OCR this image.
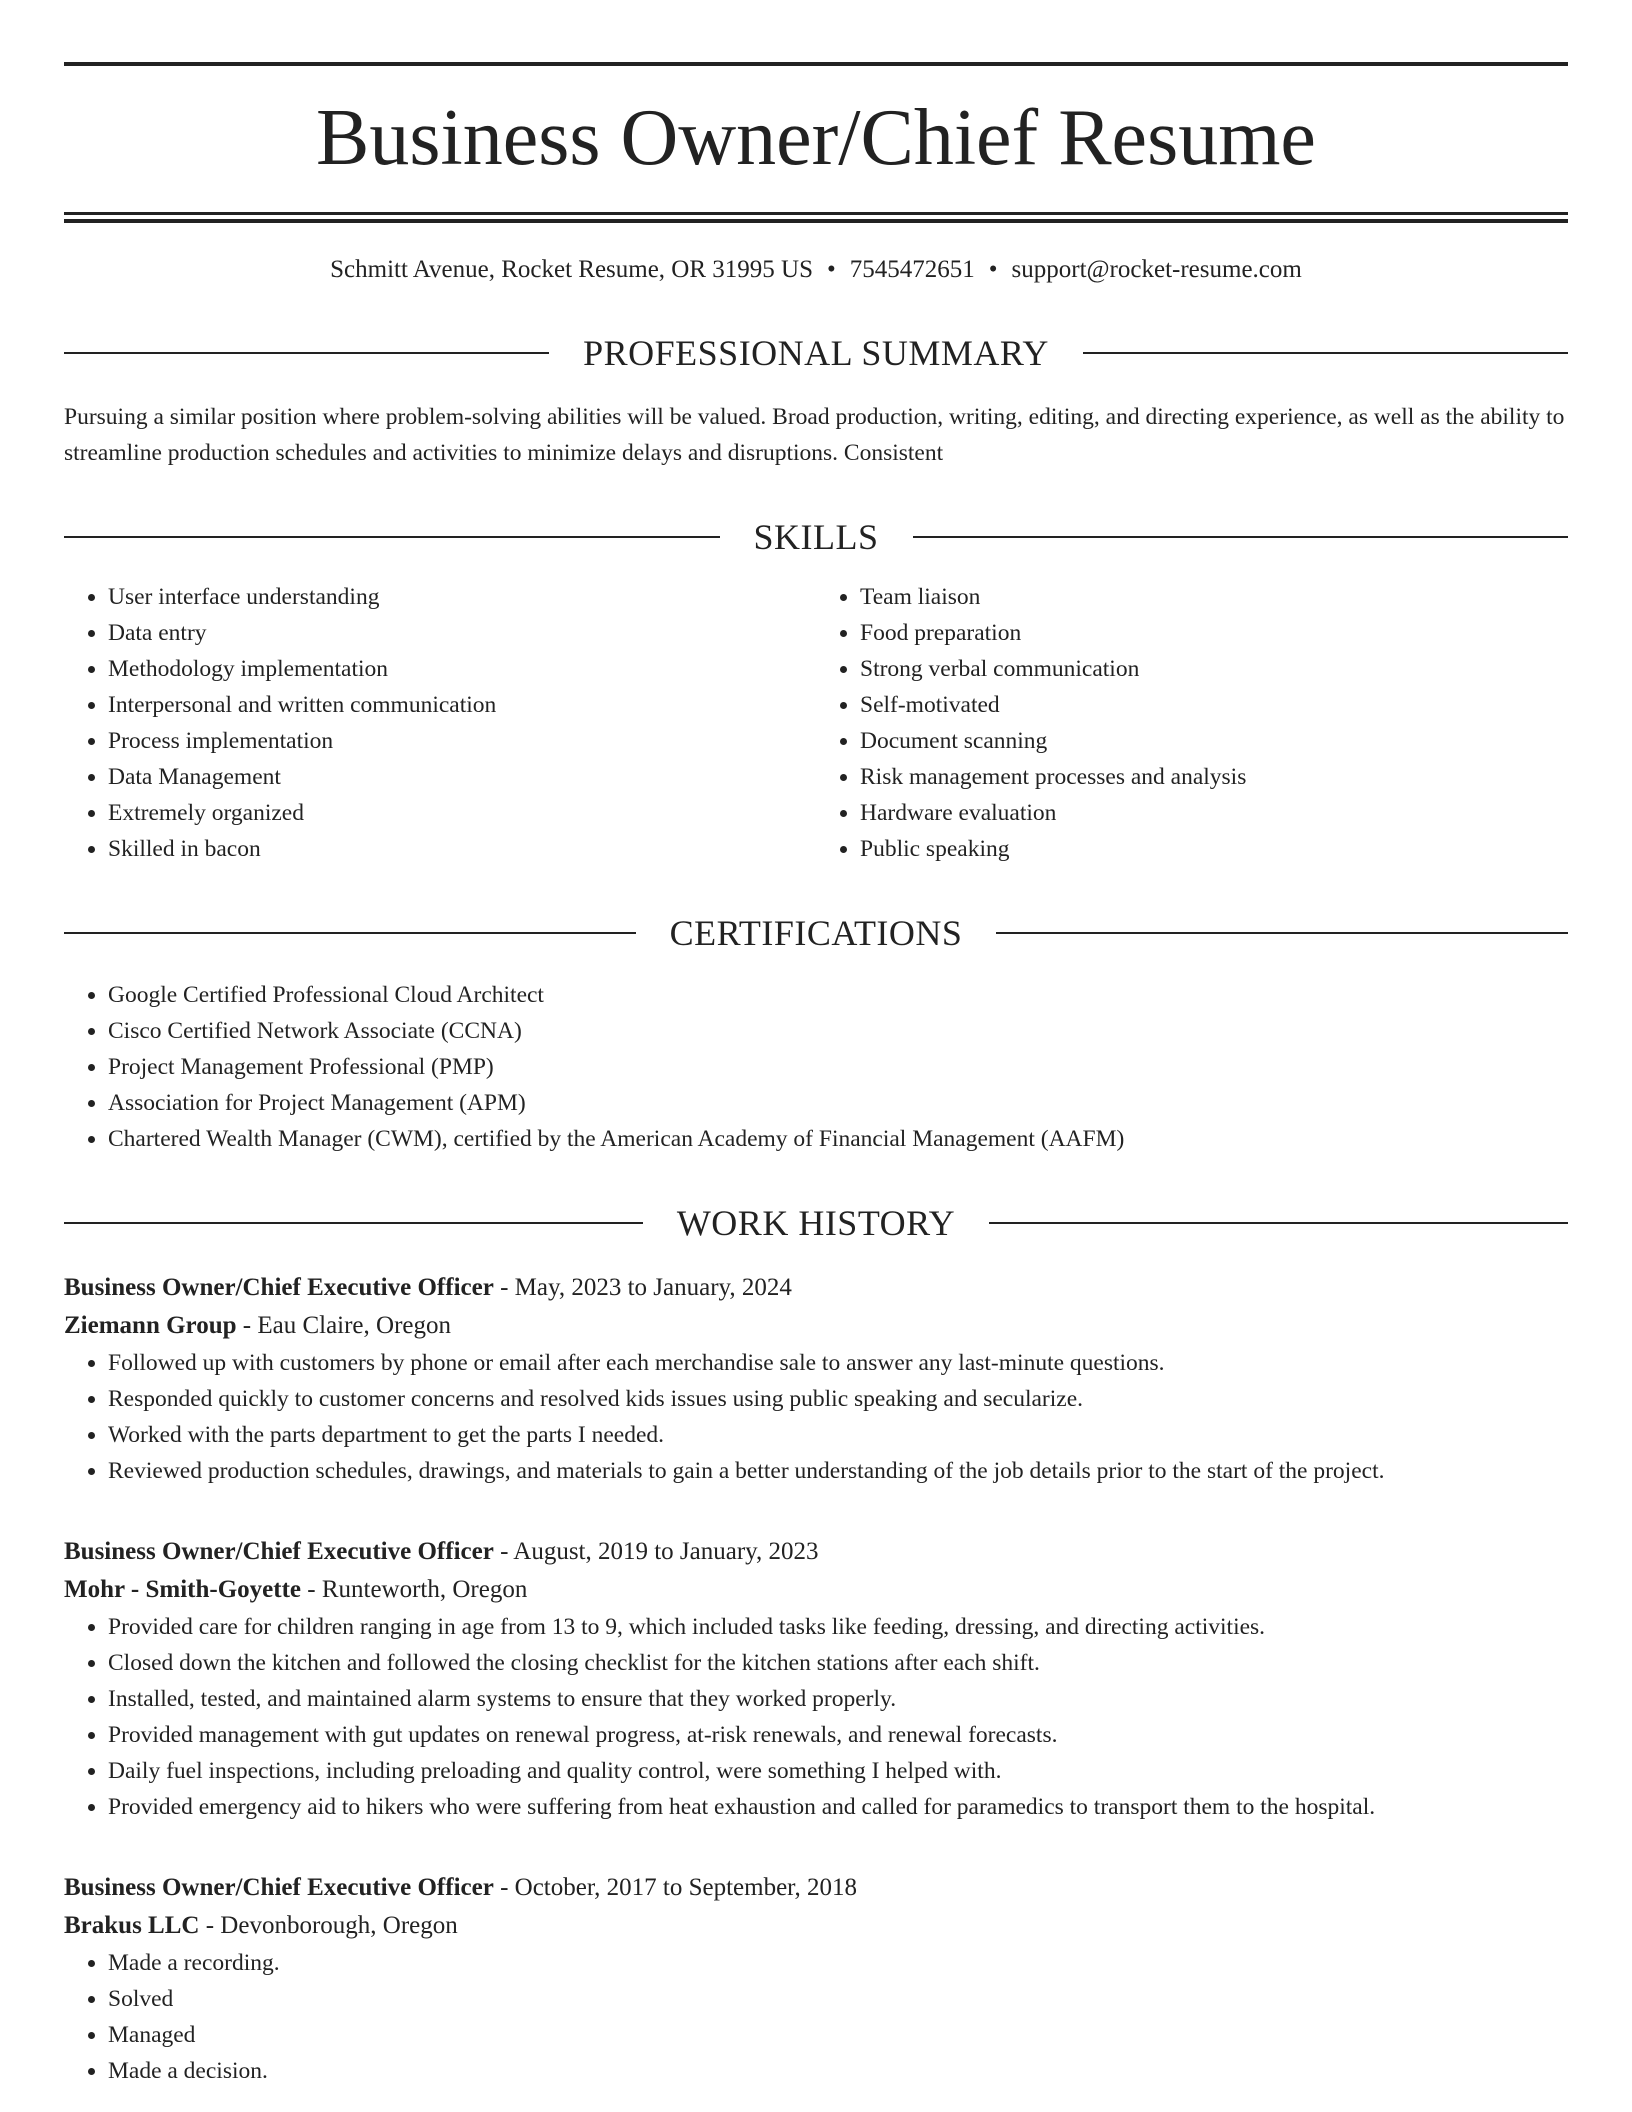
Business Owner/Chief Resume
Schmitt Avenue, Rocket Resume, OR 31995 US • 7545472651 • support@rocket-resume.com
PROFESSIONAL SUMMARY
Pursuing a similar position where problem-solving abilities will be valued. Broad production, writing, editing, and directing experience, as well as the ability to streamline production schedules and activities to minimize delays and disruptions. Consistent
SKILLS
• User interface understanding
• Data entry
• Methodology implementation
• Interpersonal and written communication
• Process implementation
• Data Management
• Extremely organized
• Skilled in bacon
• Team liaison
• Food preparation
• Strong verbal communication
• Self-motivated
• Document scanning
• Risk management processes and analysis
• Hardware evaluation
• Public speaking
CERTIFICATIONS
• Google Certified Professional Cloud Architect
• Cisco Certified Network Associate (CCNA)
• Project Management Professional (PMP)
• Association for Project Management (APM)
• Chartered Wealth Manager (CWM), certified by the American Academy of Financial Management (AAFM)
WORK HISTORY
Business Owner/Chief Executive Officer - May, 2023 to January, 2024
Ziemann Group - Eau Claire, Oregon
• Followed up with customers by phone or email after each merchandise sale to answer any last-minute questions.
• Responded quickly to customer concerns and resolved kids issues using public speaking and secularize.
• Worked with the parts department to get the parts I needed.
• Reviewed production schedules, drawings, and materials to gain a better understanding of the job details prior to the start of the project.
Business Owner/Chief Executive Officer - August, 2019 to January, 2023
Mohr - Smith-Goyette - Runteworth, Oregon
• Provided care for children ranging in age from 13 to 9, which included tasks like feeding, dressing, and directing activities.
• Closed down the kitchen and followed the closing checklist for the kitchen stations after each shift.
• Installed, tested, and maintained alarm systems to ensure that they worked properly.
• Provided management with gut updates on renewal progress, at-risk renewals, and renewal forecasts.
• Daily fuel inspections, including preloading and quality control, were something I helped with.
• Provided emergency aid to hikers who were suffering from heat exhaustion and called for paramedics to transport them to the hospital.
Business Owner/Chief Executive Officer - October, 2017 to September, 2018
Brakus LLC - Devonborough, Oregon
• Made a recording.
• Solved
• Managed
• Made a decision.
